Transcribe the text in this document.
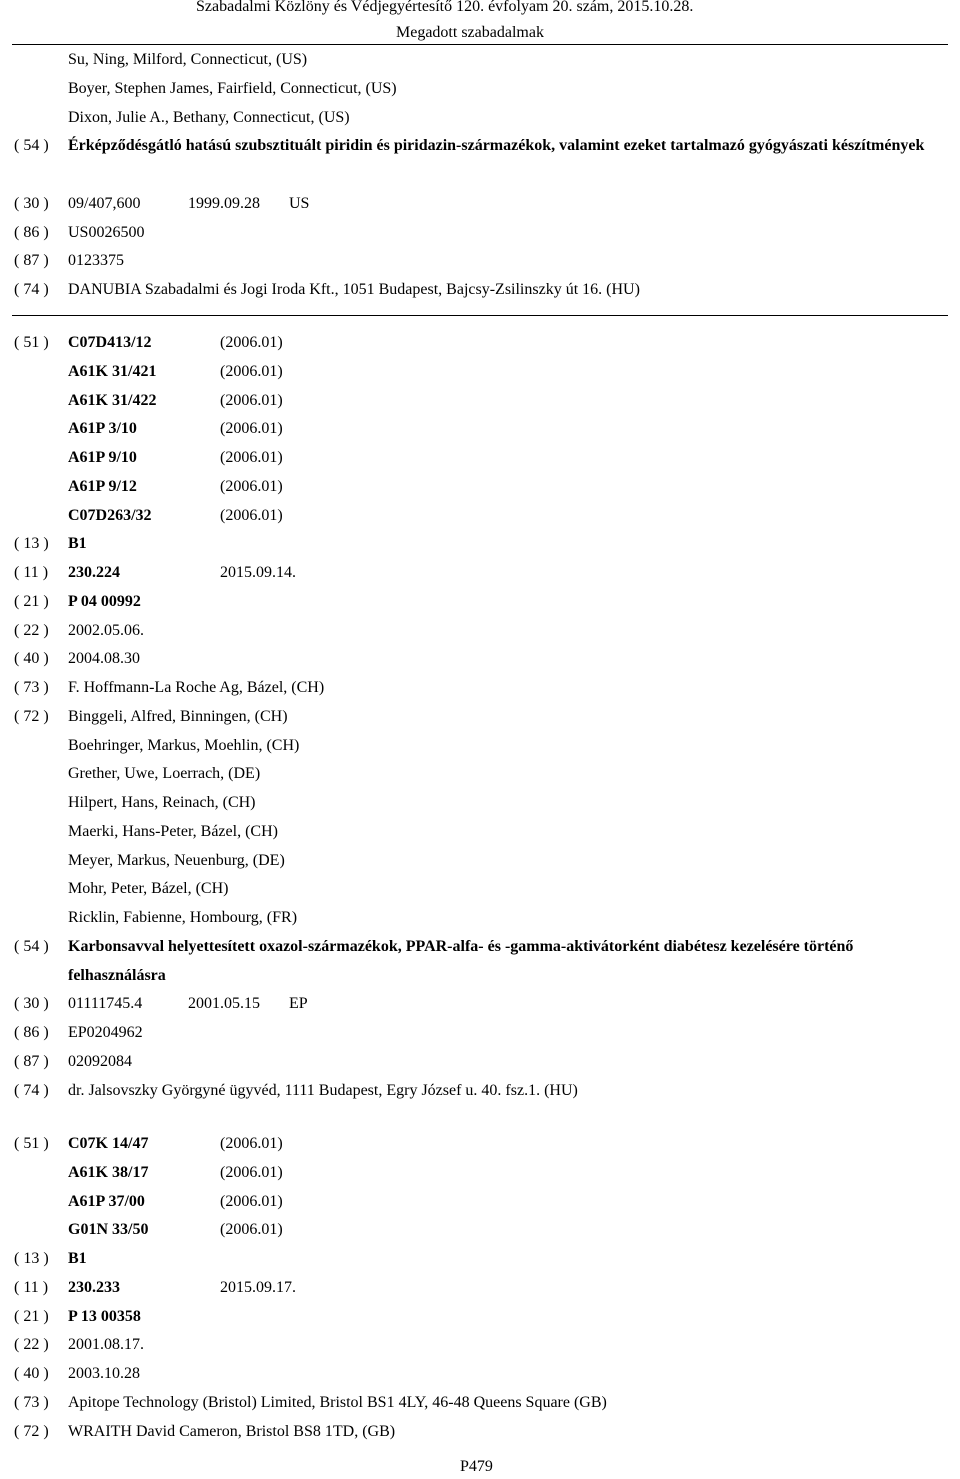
Szabadalmi Közlöny és Védjegyértesítő 120. évfolyam 20. szám, 2015.10.28.
Megadott szabadalmak
Su, Ning, Milford, Connecticut, (US)
Boyer, Stephen James, Fairfield, Connecticut, (US)
Dixon, Julie A., Bethany, Connecticut, (US)
( 54 )	Érképződésgátló hatású szubsztituált piridin és piridazin-származékok, valamint ezeket tartalmazó gyógyászati készítmények
( 30 )	09/407,600	1999.09.28 US
( 86 )	US0026500
( 87 )	0123375
( 74 )	DANUBIA Szabadalmi és Jogi Iroda Kft., 1051 Budapest, Bajcsy-Zsilinszky út 16. (HU)
( 51 )	C07D413/12	(2006.01)
A61K 31/421	(2006.01)
A61K 31/422	(2006.01)
A61P 3/10	(2006.01)
A61P 9/10	(2006.01)
A61P 9/12	(2006.01)
C07D263/32	(2006.01)
( 13 )	B1
( 11 )	230.224	2015.09.14.
( 21 )	P 04 00992
( 22 )	2002.05.06.
( 40 )	2004.08.30
( 73 )	F. Hoffmann-La Roche Ag, Bázel, (CH)
( 72 )	Binggeli, Alfred, Binningen, (CH)
Boehringer, Markus, Moehlin, (CH)
Grether, Uwe, Loerrach, (DE)
Hilpert, Hans, Reinach, (CH)
Maerki, Hans-Peter, Bázel, (CH)
Meyer, Markus, Neuenburg, (DE)
Mohr, Peter, Bázel, (CH)
Ricklin, Fabienne, Hombourg, (FR)
( 54 )	Karbonsavval helyettesített oxazol-származékok, PPAR-alfa- és -gamma-aktivátorként diabétesz kezelésére történő felhasználásra
( 30 )	01111745.4	2001.05.15 EP
( 86 )	EP0204962
( 87 )	02092084
( 74 )	dr. Jalsovszky Györgyné ügyvéd, 1111 Budapest, Egry József u. 40. fsz.1. (HU)
( 51 )	C07K 14/47	(2006.01)
A61K 38/17	(2006.01)
A61P 37/00	(2006.01)
G01N 33/50	(2006.01)
( 13 )	B1
( 11 )	230.233	2015.09.17.
( 21 )	P 13 00358
( 22 )	2001.08.17.
( 40 )	2003.10.28
( 73 )	Apitope Technology (Bristol) Limited, Bristol BS1 4LY, 46-48 Queens Square (GB)
( 72 )	WRAITH David Cameron, Bristol BS8 1TD, (GB)
P479
